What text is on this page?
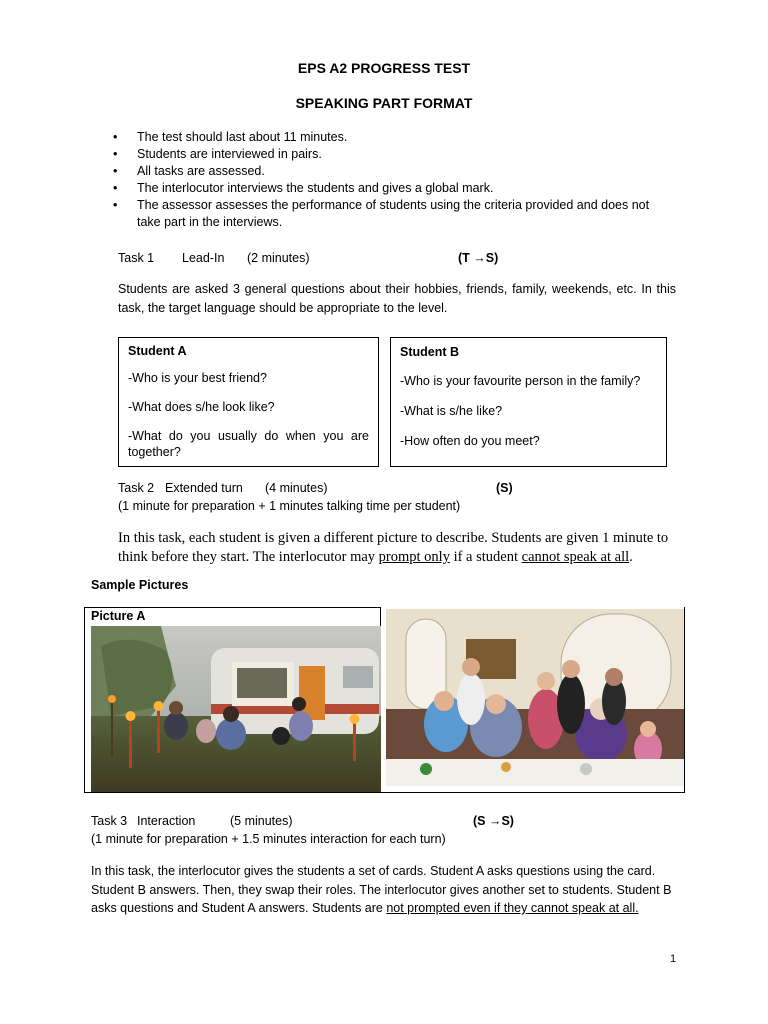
EPS A2 PROGRESS TEST
SPEAKING PART FORMAT
• The test should last about 11 minutes.
• Students are interviewed in pairs.
• All tasks are assessed.
• The interlocutor interviews the students and gives a global mark.
• The assessor assesses the performance of students using the criteria provided and does not take part in the interviews.
Task 1 Lead-In (2 minutes)	(T →S)
Students are asked 3 general questions about their hobbies, friends, family, weekends, etc. In this task, the target language should be appropriate to the level.
Student A
-Who is your best friend?
-What does s/he look like?
-What do you usually do when you are together?
Student B
-Who is your favourite person in the family?
-What is s/he like?
-How often do you meet?
Task 2 Extended turn (4 minutes)	(S)
(1 minute for preparation + 1 minutes talking time per student)
In this task, each student is given a different picture to describe. Students are given 1 minute to think before they start. The interlocutor may prompt only if a student cannot speak at all.
Sample Pictures
Picture A
Task 3 Interaction	(5 minutes)	(S →S)
(1 minute for preparation + 1.5 minutes interaction for each turn)
In this task, the interlocutor gives the students a set of cards. Student A asks questions using the card. Student B answers. Then, they swap their roles. The interlocutor gives another set to students. Student B asks questions and Student A answers. Students are not prompted even if they cannot speak at all.
1
